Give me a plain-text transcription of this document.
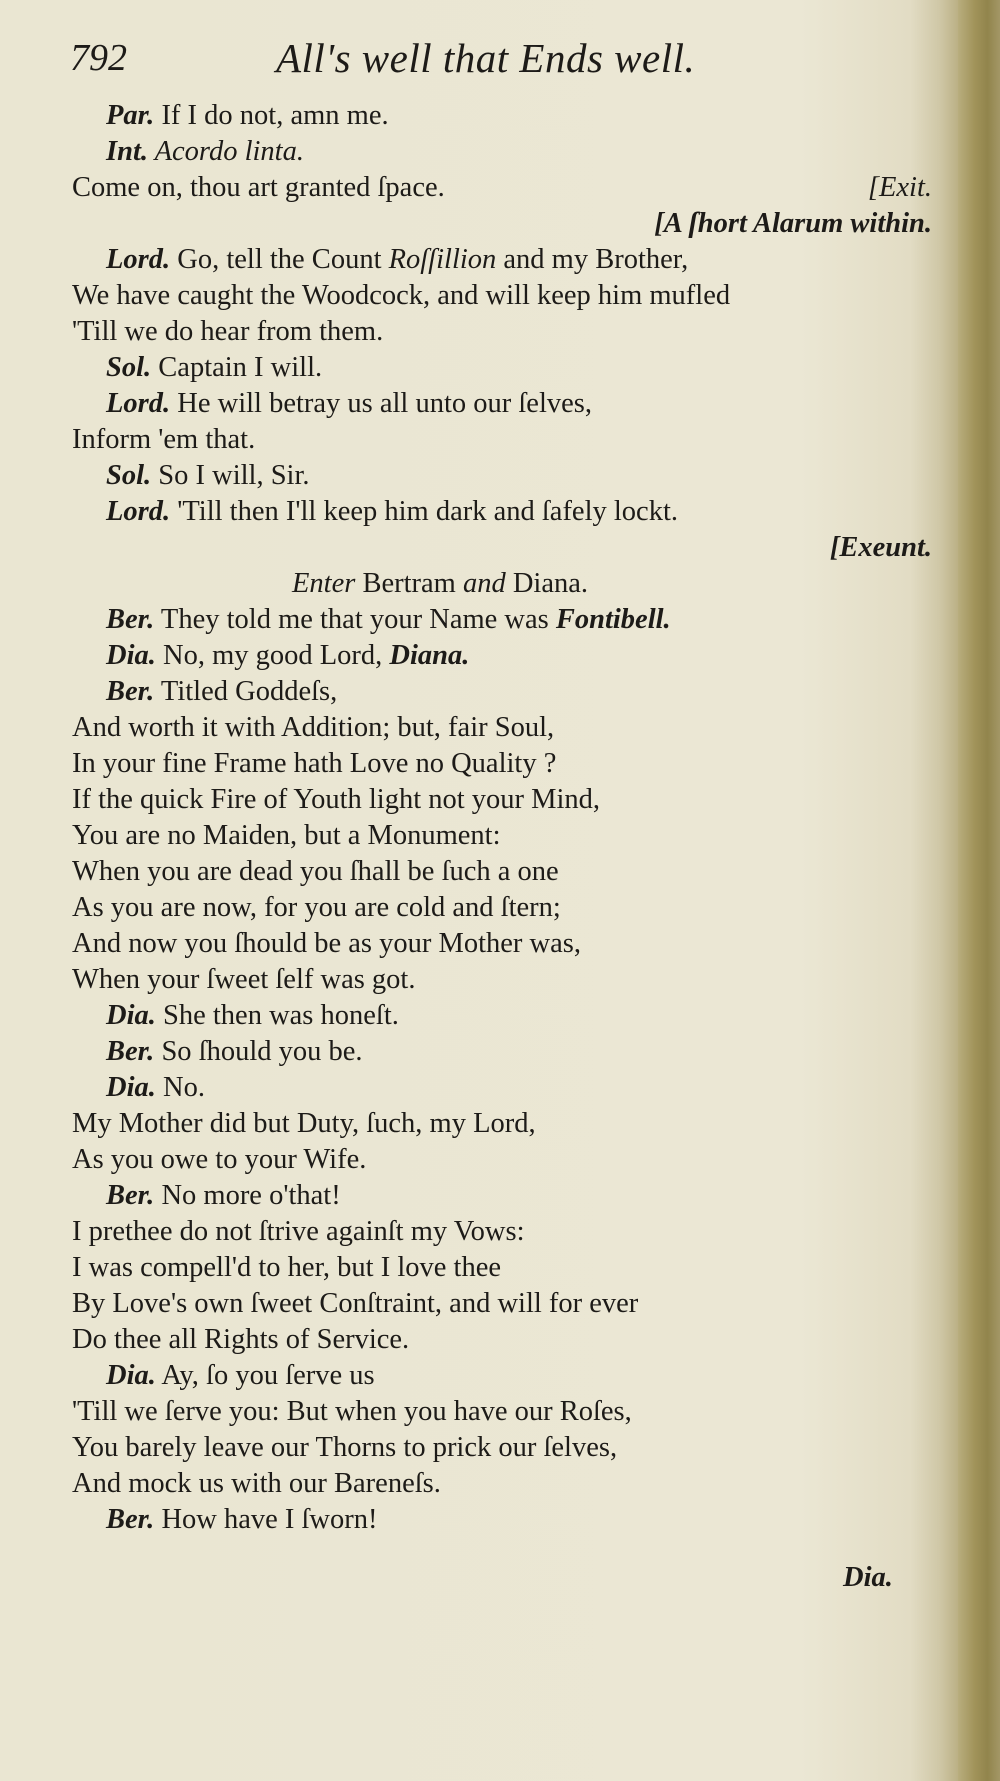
792	All's well that Ends well.
Par. If I do not, amn me.
Int. Acordo linta.
Come on, thou art granted ſpace.	[Exit.
[A ſhort Alarum within.
Lord. Go, tell the Count Roſſillion and my Brother,
We have caught the Woodcock, and will keep him mufled
'Till we do hear from them.
Sol. Captain I will.
Lord. He will betray us all unto our ſelves,
Inform 'em that.
Sol. So I will, Sir.
Lord. 'Till then I'll keep him dark and ſafely lockt.
[Exeunt.
Enter Bertram and Diana.
Ber. They told me that your Name was Fontibell.
Dia. No, my good Lord, Diana.
Ber. Titled Goddeſs,
And worth it with Addition; but, fair Soul,
In your fine Frame hath Love no Quality ?
If the quick Fire of Youth light not your Mind,
You are no Maiden, but a Monument:
When you are dead you ſhall be ſuch a one
As you are now, for you are cold and ſtern;
And now you ſhould be as your Mother was,
When your ſweet ſelf was got.
Dia. She then was honeſt.
Ber. So ſhould you be.
Dia. No.
My Mother did but Duty, ſuch, my Lord,
As you owe to your Wife.
Ber. No more o'that!
I prethee do not ſtrive againſt my Vows:
I was compell'd to her, but I love thee
By Love's own ſweet Conſtraint, and will for ever
Do thee all Rights of Service.
Dia. Ay, ſo you ſerve us
'Till we ſerve you: But when you have our Roſes,
You barely leave our Thorns to prick our ſelves,
And mock us with our Bareneſs.
Ber. How have I ſworn!
Dia.
